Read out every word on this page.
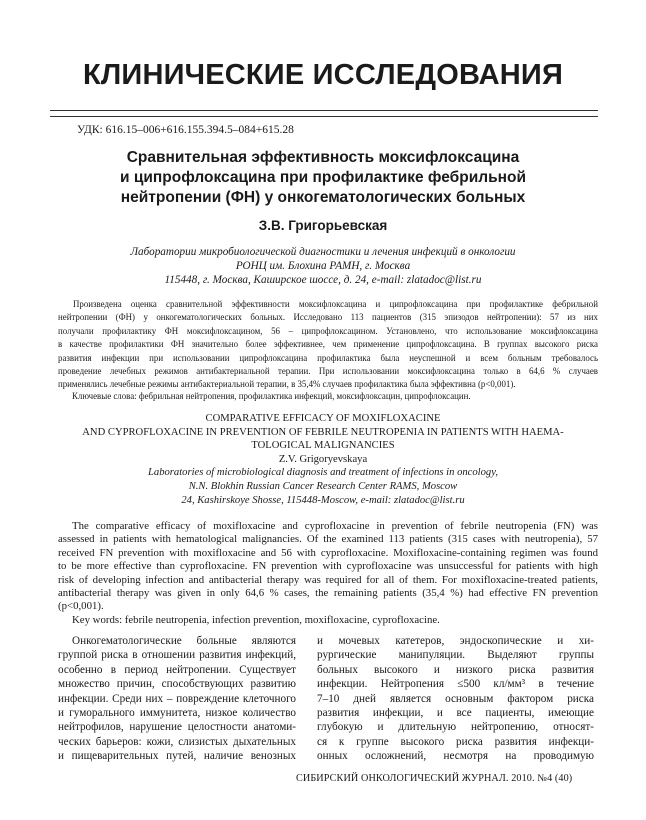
КЛИНИЧЕСКИЕ ИССЛЕДОВАНИЯ
УДК: 616.15–006+616.155.394.5–084+615.28
Сравнительная эффективность моксифлоксацина
и ципрофлоксацина при профилактике фебрильной
нейтропении (ФН) у онкогематологических больных
З.В. Григорьевская
Лаборатории микробиологической диагностики и лечения инфекций в онкологии
РОНЦ им. Блохина РАМН, г. Москва
115448, г. Москва, Каширское шоссе, д. 24, e-mail: zlatadoc@list.ru
Произведена оценка сравнительной эффективности моксифлоксацина и ципрофлоксацина при профилактике фебрильной
нейтропении (ФН) у онкогематологических больных. Исследовано 113 пациентов (315 эпизодов нейтропении): 57 из них
получали профилактику ФН моксифлоксацином, 56 – ципрофлоксацином. Установлено, что использование моксифлоксацина
в качестве профилактики ФН значительно более эффективнее, чем применение ципрофлоксацина. В группах высокого риска
развития инфекции при использовании ципрофлоксацина профилактика была неуспешной и всем больным требовалось
проведение лечебных режимов антибактериальной терапии. При использовании моксифлоксацина только в 64,6 % случаев
применялись лечебные режимы антибактериальной терапии, в 35,4% случаев профилактика была эффективна (p<0,001).
Ключевые слова: фебрильная нейтропения, профилактика инфекций, моксифлоксацин, ципрофлоксацин.
COMPARATIVE EFFICACY OF MOXIFLOXACINE
AND CYPROFLOXACINE IN PREVENTION OF FEBRILE NEUTROPENIA IN PATIENTS WITH HAEMA-
TOLOGICAL MALIGNANCIES
Z.V. Grigoryevskaya
Laboratories of microbiological diagnosis and treatment of infections in oncology,
N.N. Blokhin Russian Cancer Research Center RAMS, Moscow
24, Kashirskoye Shosse, 115448-Moscow, e-mail: zlatadoc@list.ru
The comparative efficacy of moxifloxacine and cyprofloxacine in prevention of febrile neutropenia (FN) was
assessed in patients with hematological malignancies. Of the examined 113 patients (315 cases with neutropenia), 57
received FN prevention with moxifloxacine and 56 with cyprofloxacine. Moxifloxacine-containing regimen was found
to be more effective than cyprofloxacine. FN prevention with cyprofloxacine was unsuccessful for patients with high
risk of developing infection and antibacterial therapy was required for all of them. For moxifloxacine-treated patients,
antibacterial therapy was given in only 64,6 % cases, the remaining patients (35,4 %) had effective FN prevention
(p<0,001).
Key words: febrile neutropenia, infection prevention, moxifloxacine, cyprofloxacine.
Онкогематологические больные являются
группой риска в отношении развития инфекций,
особенно в период нейтропении. Существует
множество причин, способствующих развитию
инфекции. Среди них – повреждение клеточного
и гуморального иммунитета, низкое количество
нейтрофилов, нарушение целостности анатоми-
ческих барьеров: кожи, слизистых дыхательных
и пищеварительных путей, наличие венозных
и мочевых катетеров, эндоскопические и хи-
рургические манипуляции. Выделяют группы
больных высокого и низкого риска развития
инфекции. Нейтропения ≤500 кл/мм³ в течение
7–10 дней является основным фактором риска
развития инфекции, и все пациенты, имеющие
глубокую и длительную нейтропению, относят-
ся к группе высокого риска развития инфекци-
онных осложнений, несмотря на проводимую
СИБИРСКИЙ ОНКОЛОГИЧЕСКИЙ ЖУРНАЛ. 2010. №4 (40)
